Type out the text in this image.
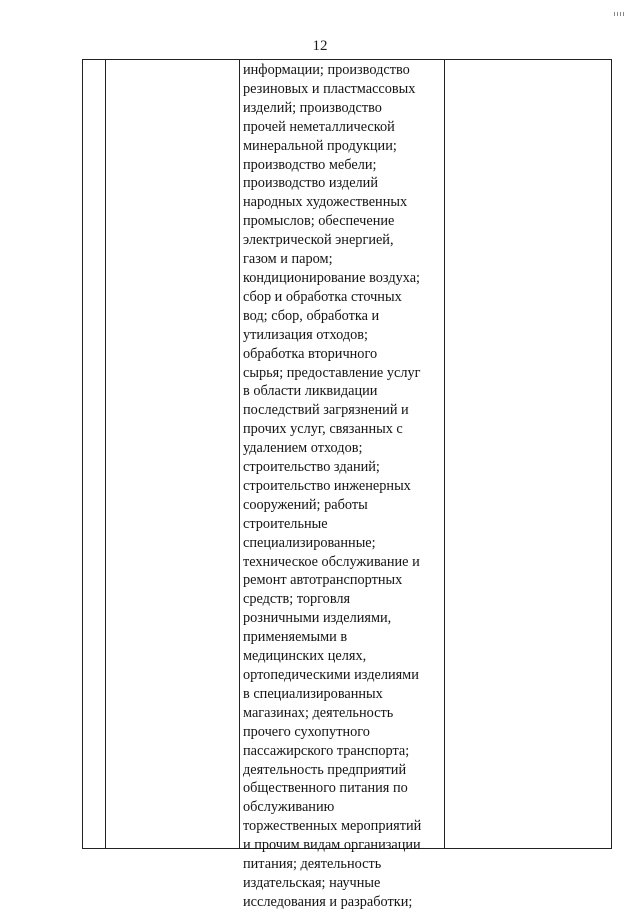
12
информации; производство
резиновых и пластмассовых
изделий; производство
прочей неметаллической
минеральной продукции;
производство мебели;
производство изделий
народных художественных
промыслов; обеспечение
электрической энергией,
газом и паром;
кондиционирование воздуха;
сбор и обработка сточных
вод; сбор, обработка и
утилизация отходов;
обработка вторичного
сырья; предоставление услуг
в области ликвидации
последствий загрязнений и
прочих услуг, связанных с
удалением отходов;
строительство зданий;
строительство инженерных
сооружений; работы
строительные
специализированные;
техническое обслуживание и
ремонт автотранспортных
средств; торговля
розничными изделиями,
применяемыми в
медицинских целях,
ортопедическими изделиями
в специализированных
магазинах; деятельность
прочего сухопутного
пассажирского транспорта;
деятельность предприятий
общественного питания по
обслуживанию
торжественных мероприятий
и прочим видам организации
питания; деятельность
издательская; научные
исследования и разработки;
